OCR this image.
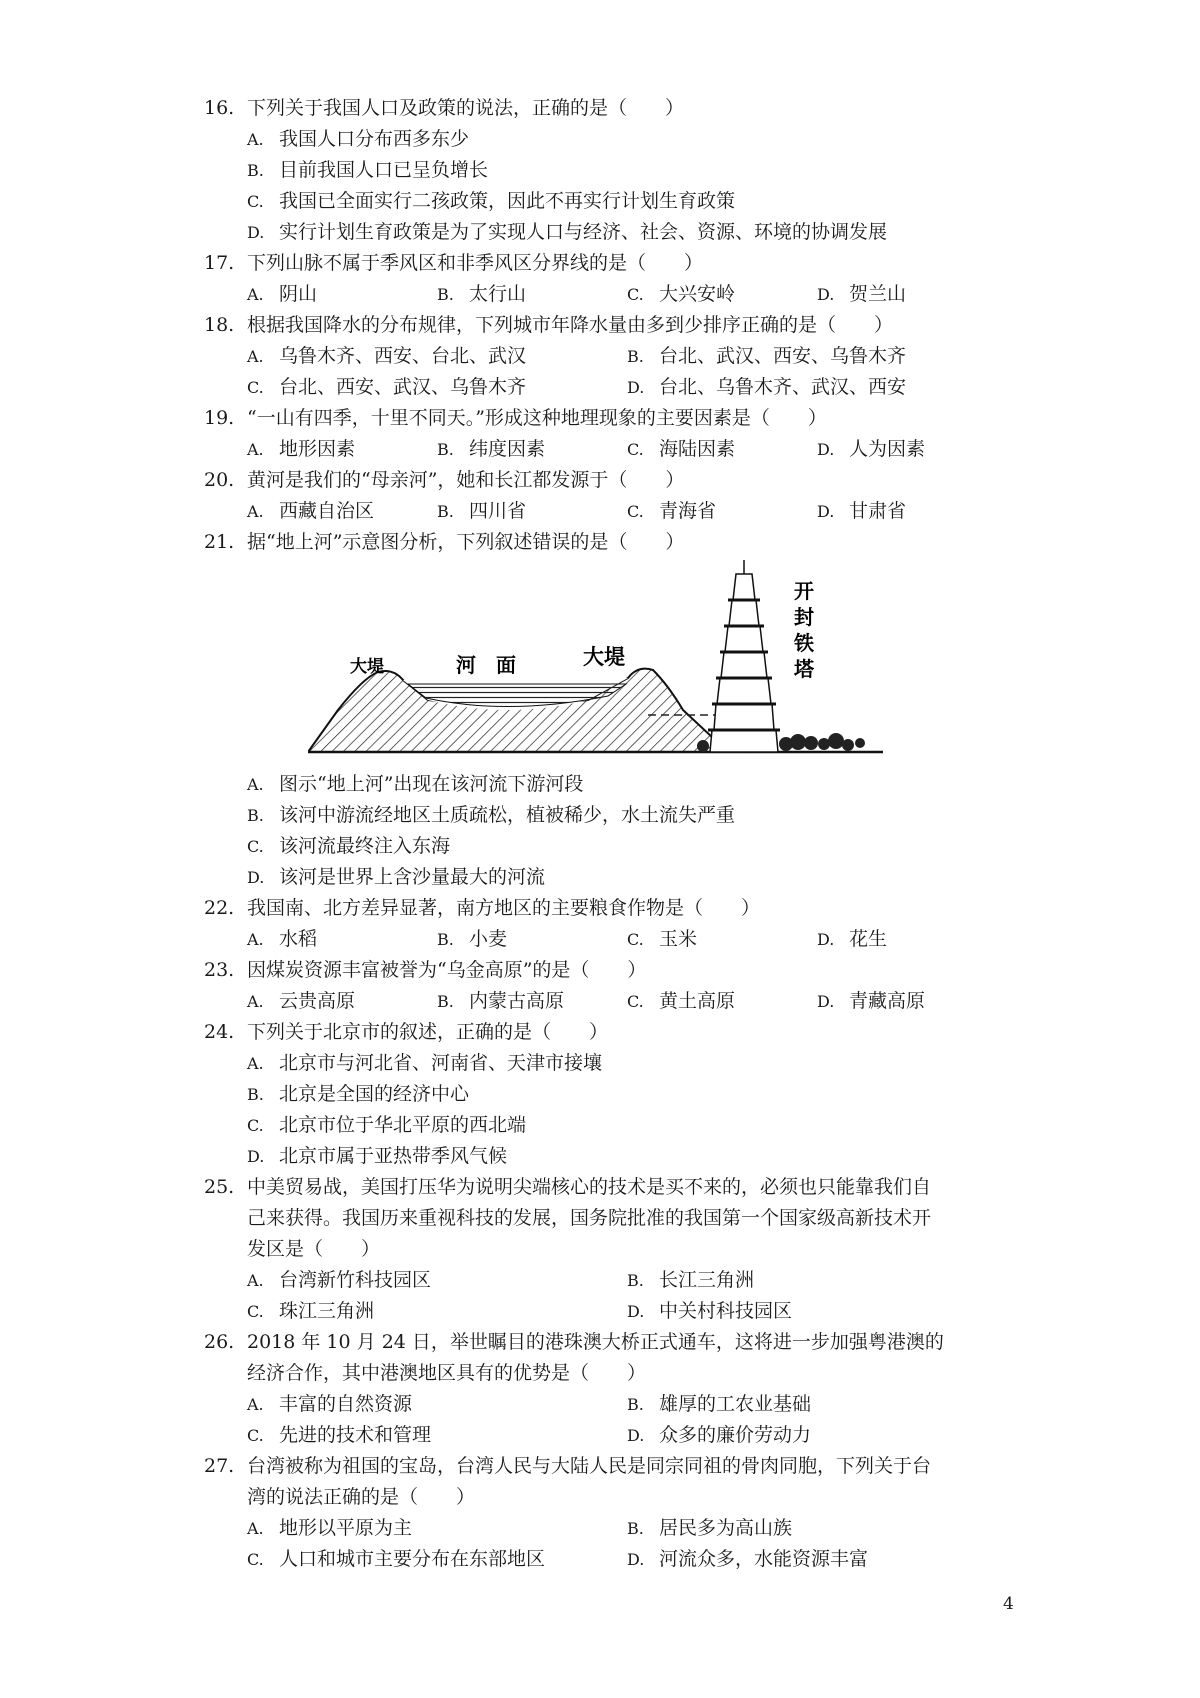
16. 下列关于我国人口及政策的说法，正确的是（　　）
A. 我国人口分布西多东少
B. 目前我国人口已呈负增长
C. 我国已全面实行二孩政策，因此不再实行计划生育政策
D. 实行计划生育政策是为了实现人口与经济、社会、资源、环境的协调发展
17. 下列山脉不属于季风区和非季风区分界线的是（　　）
A. 阴山	B. 太行山	C. 大兴安岭	D. 贺兰山
18. 根据我国降水的分布规律，下列城市年降水量由多到少排序正确的是（　　）
A. 乌鲁木齐、西安、台北、武汉	B. 台北、武汉、西安、乌鲁木齐
C. 台北、西安、武汉、乌鲁木齐	D. 台北、乌鲁木齐、武汉、西安
19. “一山有四季，十里不同天。”形成这种地理现象的主要因素是（　　）
A. 地形因素	B. 纬度因素	C. 海陆因素	D. 人为因素
20. 黄河是我们的“母亲河”，她和长江都发源于（　　）
A. 西藏自治区	B. 四川省	C. 青海省	D. 甘肃省
21. 据“地上河”示意图分析，下列叙述错误的是（　　）
大堤	河　面	大堤
开
封
铁
塔
A. 图示“地上河”出现在该河流下游河段
B. 该河中游流经地区土质疏松，植被稀少，水土流失严重
C. 该河流最终注入东海
D. 该河是世界上含沙量最大的河流
22. 我国南、北方差异显著，南方地区的主要粮食作物是（　　）
A. 水稻	B. 小麦	C. 玉米	D. 花生
23. 因煤炭资源丰富被誉为“乌金高原”的是（　　）
A. 云贵高原	B. 内蒙古高原	C. 黄土高原	D. 青藏高原
24. 下列关于北京市的叙述，正确的是（　　）
A. 北京市与河北省、河南省、天津市接壤
B. 北京是全国的经济中心
C. 北京市位于华北平原的西北端
D. 北京市属于亚热带季风气候
25. 中美贸易战，美国打压华为说明尖端核心的技术是买不来的，必须也只能靠我们自
己来获得。我国历来重视科技的发展，国务院批准的我国第一个国家级高新技术开
发区是（　　）
A. 台湾新竹科技园区	B. 长江三角洲
C. 珠江三角洲	D. 中关村科技园区
26. 2018 年 10 月 24 日，举世瞩目的港珠澳大桥正式通车，这将进一步加强粤港澳的
经济合作，其中港澳地区具有的优势是（　　）
A. 丰富的自然资源	B. 雄厚的工农业基础
C. 先进的技术和管理	D. 众多的廉价劳动力
27. 台湾被称为祖国的宝岛，台湾人民与大陆人民是同宗同祖的骨肉同胞，下列关于台
湾的说法正确的是（　　）
A. 地形以平原为主	B. 居民多为高山族
C. 人口和城市主要分布在东部地区	D. 河流众多，水能资源丰富
4
